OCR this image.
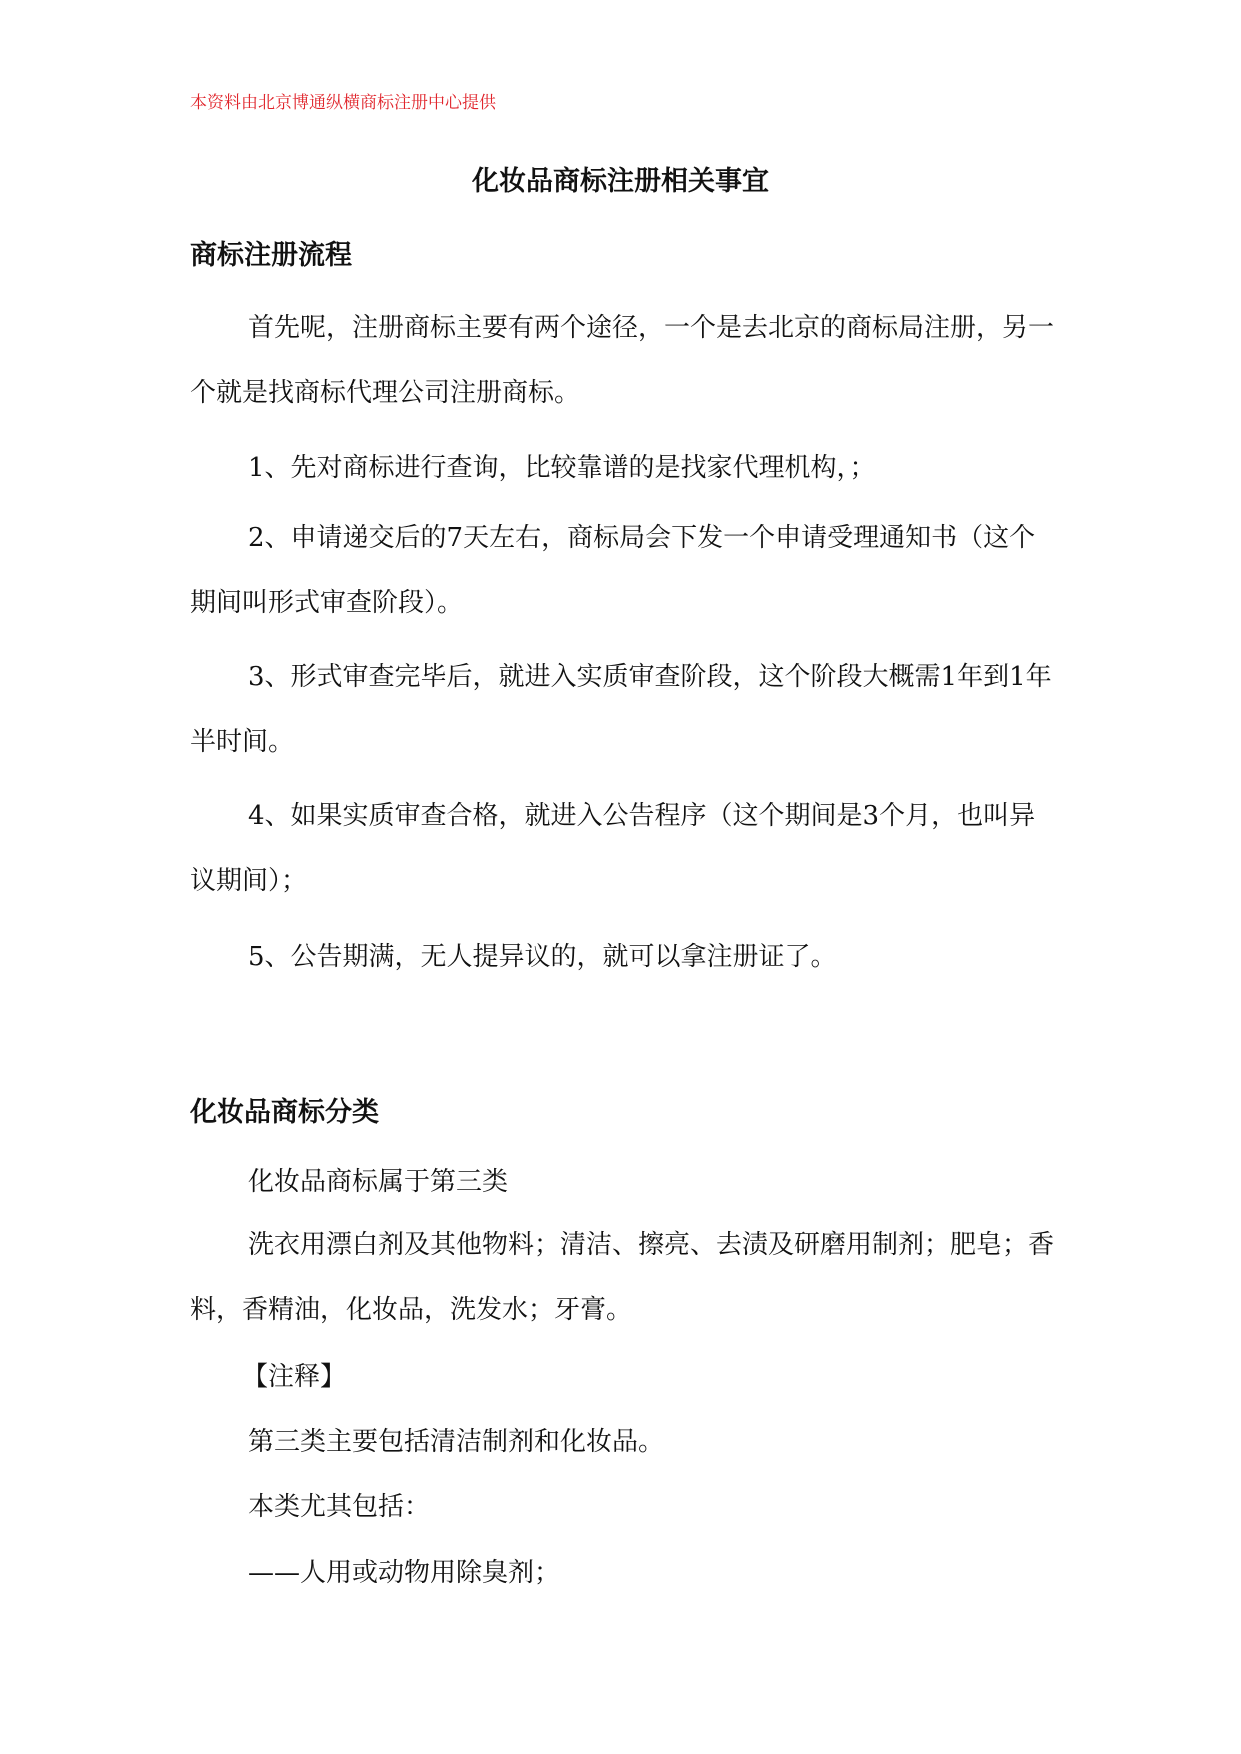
本资料由北京博通纵横商标注册中心提供
化妆品商标注册相关事宜
商标注册流程
首先呢，注册商标主要有两个途径，一个是去北京的商标局注册，另一个就是找商标代理公司注册商标。
1、先对商标进行查询，比较靠谱的是找家代理机构，；
2、申请递交后的7天左右，商标局会下发一个申请受理通知书（这个期间叫形式审查阶段）。
3、形式审查完毕后，就进入实质审查阶段，这个阶段大概需1年到1年半时间。
4、如果实质审查合格，就进入公告程序（这个期间是3个月，也叫异议期间）；
5、公告期满，无人提异议的，就可以拿注册证了。
化妆品商标分类
化妆品商标属于第三类
洗衣用漂白剂及其他物料；清洁、擦亮、去渍及研磨用制剂；肥皂；香料，香精油，化妆品，洗发水；牙膏。
【注释】
第三类主要包括清洁制剂和化妆品。
本类尤其包括：
——人用或动物用除臭剂；
